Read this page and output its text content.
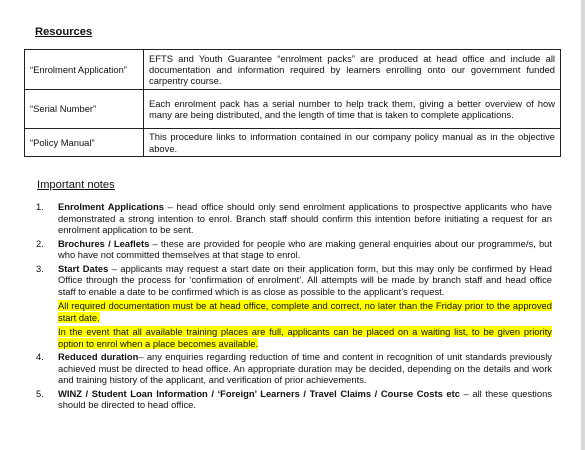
Resources
“Enrolment Application”	EFTS and Youth Guarantee “enrolment packs” are produced at head office and include all documentation and information required by learners enrolling onto our government funded carpentry course.
“Serial Number”	Each enrolment pack has a serial number to help track them, giving a better overview of how many are being distributed, and the length of time that is taken to complete applications.
“Policy Manual”	This procedure links to information contained in our company policy manual as in the objective above.
Important notes
1. Enrolment Applications – head office should only send enrolment applications to prospective applicants who have demonstrated a strong intention to enrol. Branch staff should confirm this intention before initiating a request for an enrolment application to be sent.
2. Brochures / Leaflets – these are provided for people who are making general enquiries about our programme/s, but who have not committed themselves at that stage to enrol.
3. Start Dates – applicants may request a start date on their application form, but this may only be confirmed by Head Office through the process for ‘confirmation of enrolment’. All attempts will be made by branch staff and head office staff to enable a date to be confirmed which is as close as possible to the applicant’s request.
All required documentation must be at head office, complete and correct, no later than the Friday prior to the approved start date.
In the event that all available training places are full, applicants can be placed on a waiting list, to be given priority option to enrol when a place becomes available.
4. Reduced duration– any enquiries regarding reduction of time and content in recognition of unit standards previously achieved must be directed to head office. An appropriate duration may be decided, depending on the details and work and training history of the applicant, and verification of prior achievements.
5. WINZ / Student Loan Information / ‘Foreign’ Learners / Travel Claims / Course Costs etc – all these questions should be directed to head office.
